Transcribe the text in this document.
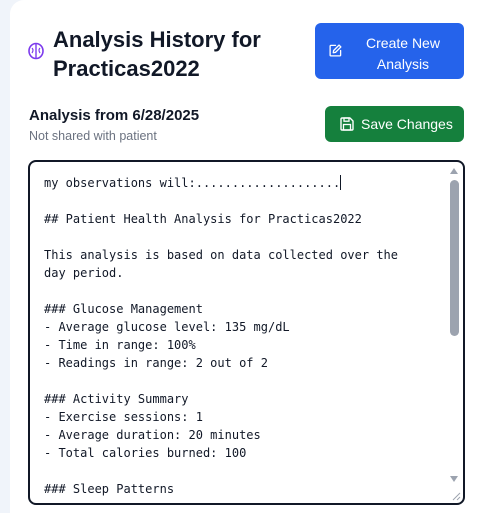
Analysis History for Practicas2022
Create New Analysis
Analysis from 6/28/2025
Not shared with patient
Save Changes
my observations will:....................

## Patient Health Analysis for Practicas2022

This analysis is based on data collected over the day period.

### Glucose Management
- Average glucose level: 135 mg/dL
- Time in range: 100%
- Readings in range: 2 out of 2

### Activity Summary
- Exercise sessions: 1
- Average duration: 20 minutes
- Total calories burned: 100

### Sleep Patterns
